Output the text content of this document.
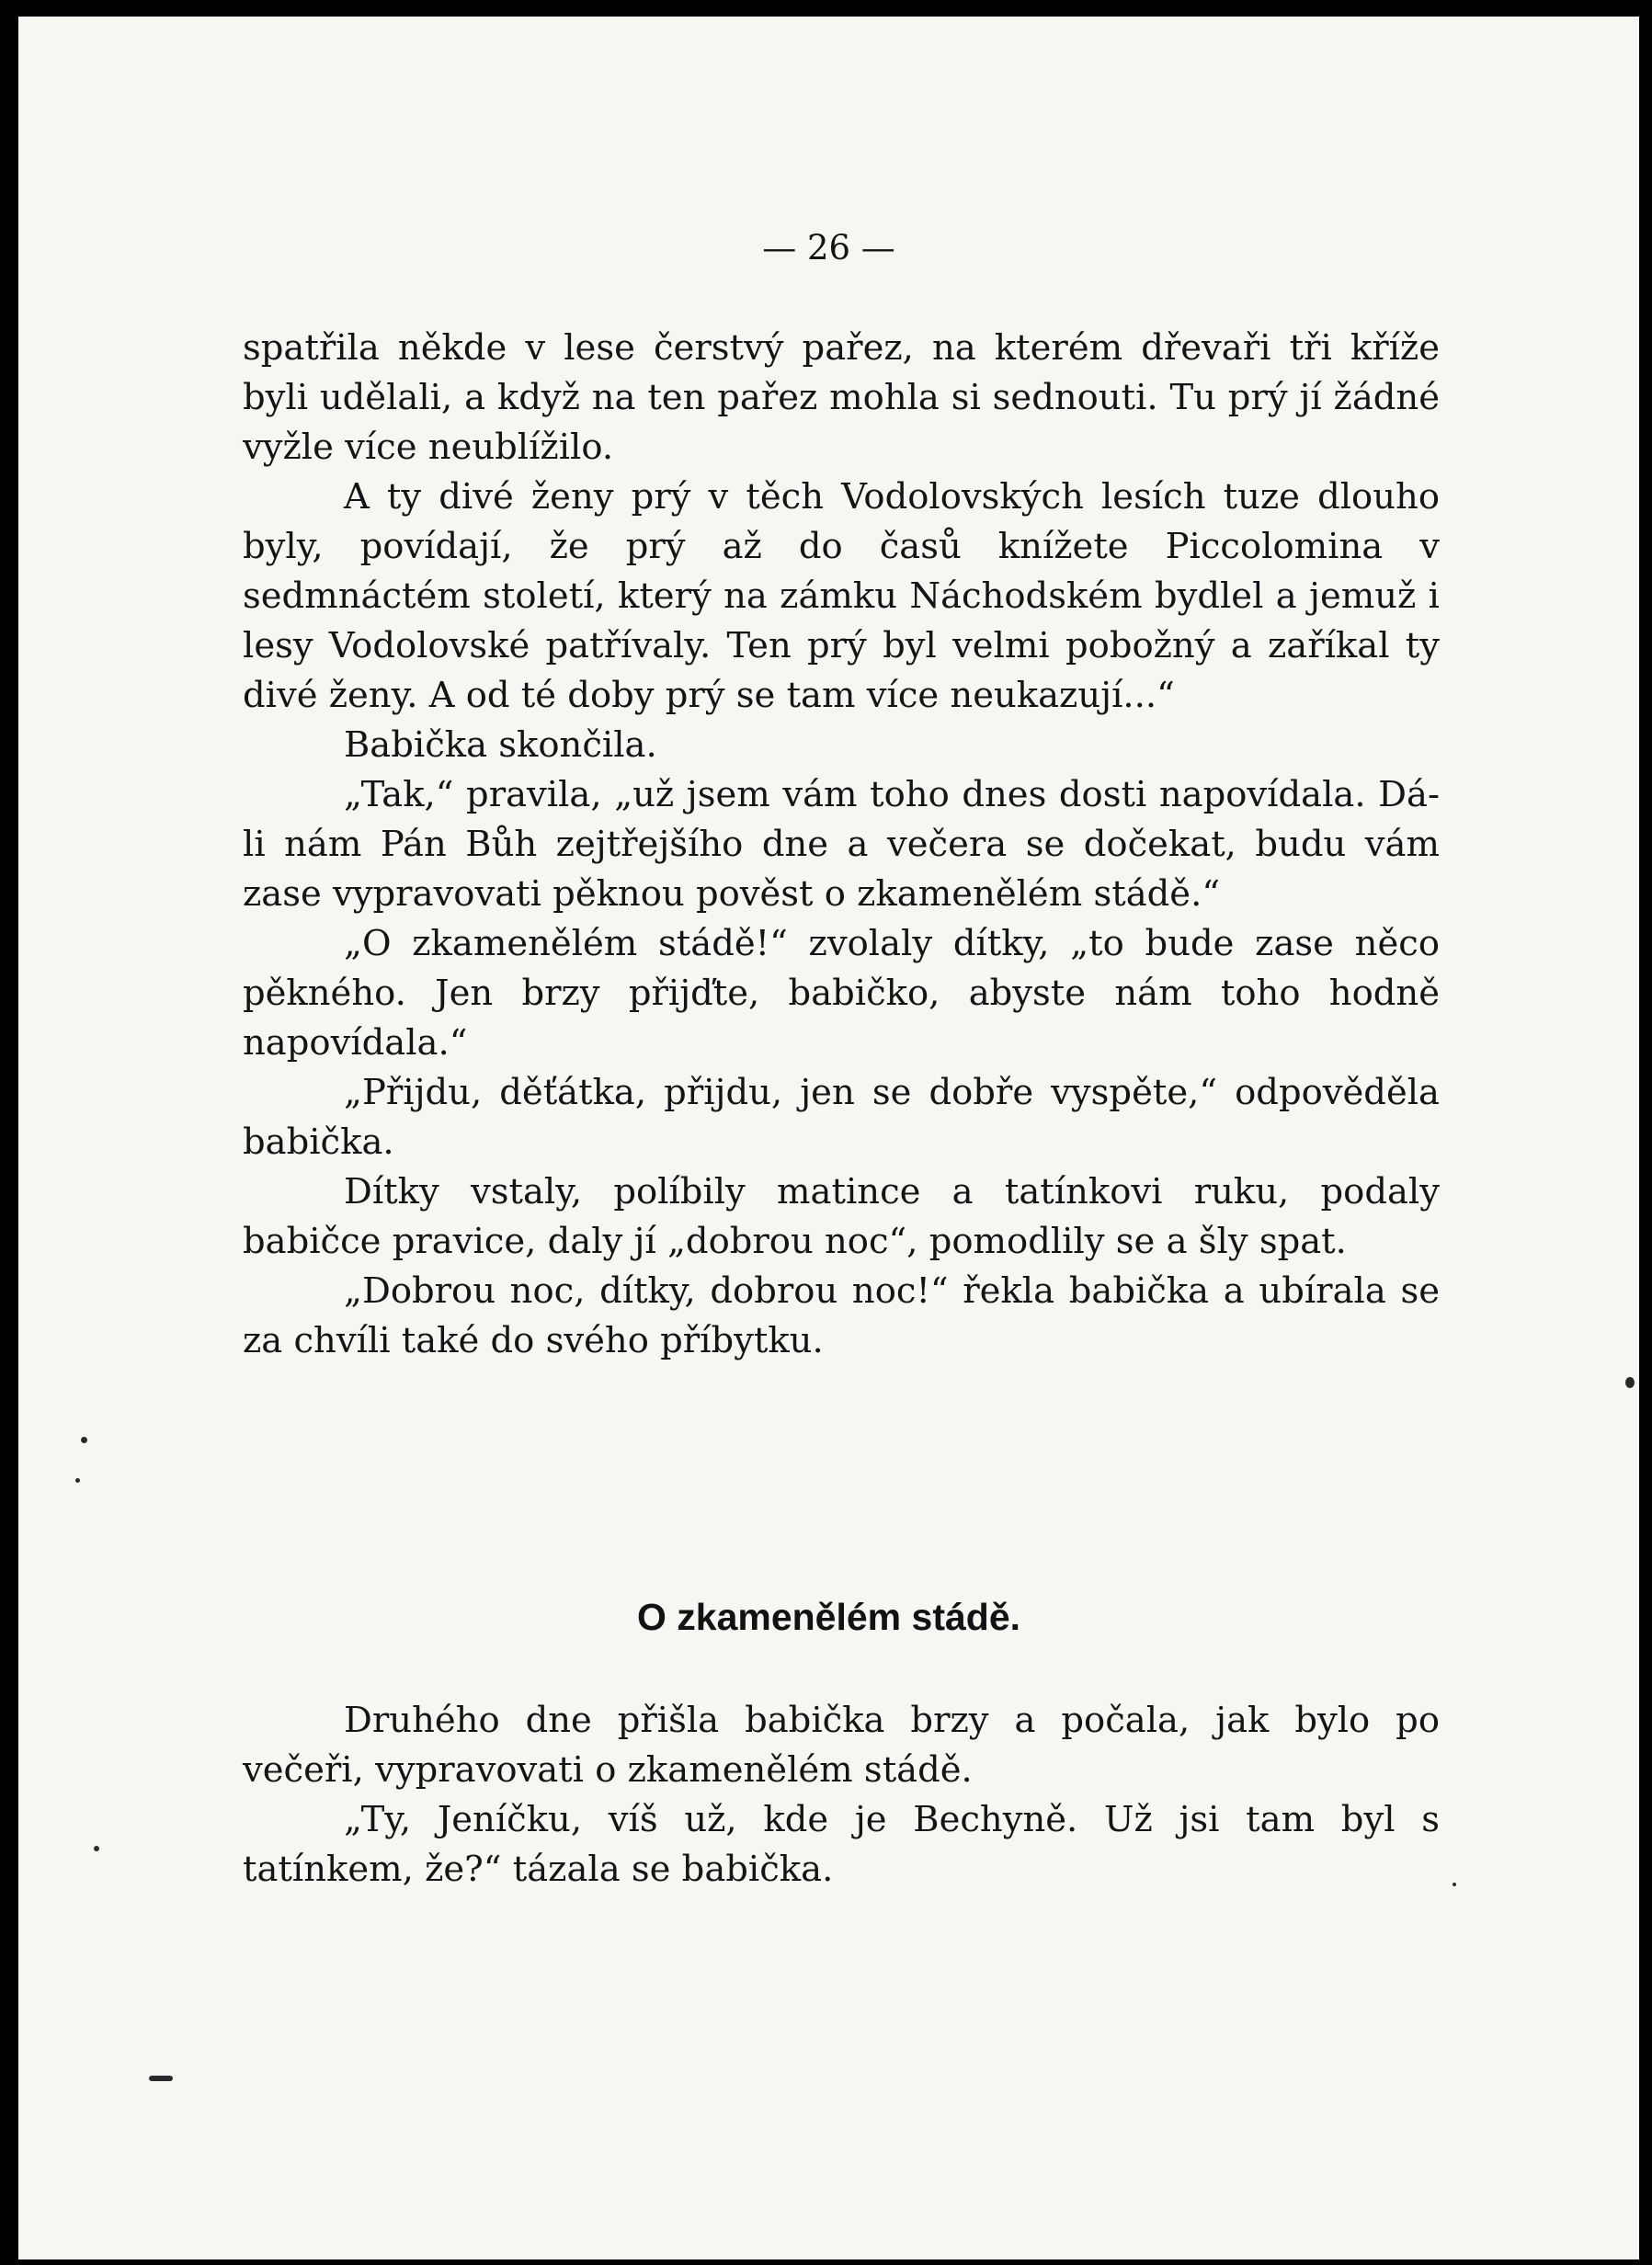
— 26 —

spatřila někde v lese čerstvý pařez, na kterém dřevaři tři kříže byli udělali, a když na ten pařez mohla si sednouti. Tu prý jí žádné vyžle více neublížilo.

A ty divé ženy prý v těch Vodolovských lesích tuze dlouho byly, povídají, že prý až do časů knížete Piccolomina v sedmnáctém století, který na zámku Náchodském bydlel a jemuž i lesy Vodolovské patřívaly. Ten prý byl velmi pobožný a zaříkal ty divé ženy. A od té doby prý se tam více neukazují...“

Babička skončila.

„Tak,“ pravila, „už jsem vám toho dnes dosti napovídala. Dá-li nám Pán Bůh zejtřejšího dne a večera se dočekat, budu vám zase vypravovati pěknou pověst o zkamenělém stádě.“

„O zkamenělém stádě!“ zvolaly dítky, „to bude zase něco pěkného. Jen brzy přijďte, babičko, abyste nám toho hodně napovídala.“

„Přijdu, děťátka, přijdu, jen se dobře vyspěte,“ odpověděla babička.

Dítky vstaly, políbily matince a tatínkovi ruku, podaly babičce pravice, daly jí „dobrou noc“, pomodlily se a šly spat.

„Dobrou noc, dítky, dobrou noc!“ řekla babička a ubírala se za chvíli také do svého příbytku.

O zkamenělém stádě.

Druhého dne přišla babička brzy a počala, jak bylo po večeři, vypravovati o zkamenělém stádě.

„Ty, Jeníčku, víš už, kde je Bechyně. Už jsi tam byl s tatínkem, že?“ tázala se babička.
